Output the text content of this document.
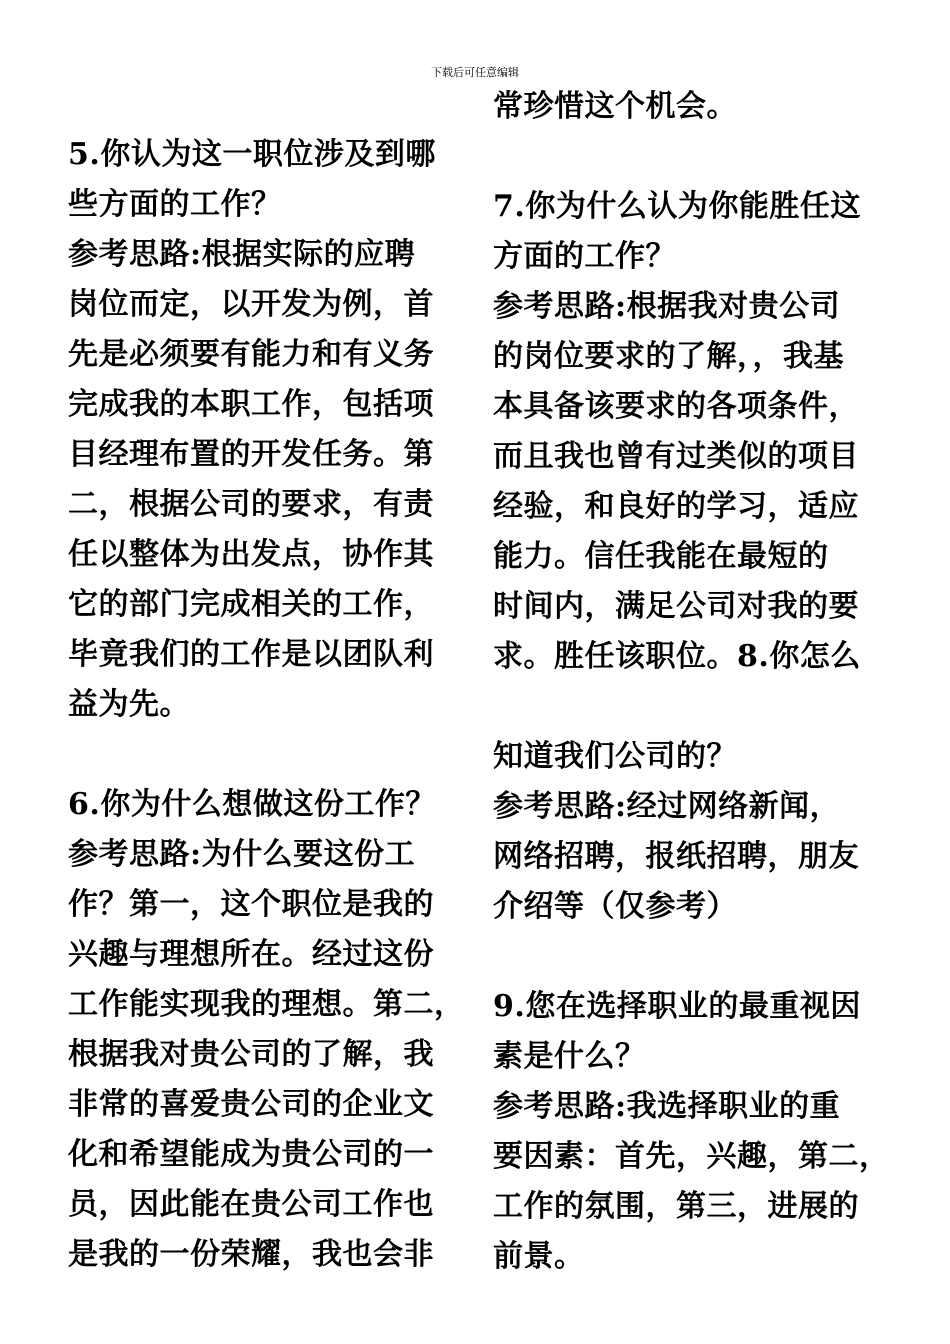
下载后可任意编辑
5.你认为这一职位涉及到哪
些方面的工作？
参考思路:根据实际的应聘
岗位而定，以开发为例，首
先是必须要有能力和有义务
完成我的本职工作，包括项
目经理布置的开发任务。第
二，根据公司的要求，有责
任以整体为出发点，协作其
它的部门完成相关的工作，
毕竟我们的工作是以团队利
益为先。
6.你为什么想做这份工作？
参考思路:为什么要这份工
作？第一，这个职位是我的
兴趣与理想所在。经过这份
工作能实现我的理想。第二，
根据我对贵公司的了解，我
非常的喜爱贵公司的企业文
化和希望能成为贵公司的一
员，因此能在贵公司工作也
是我的一份荣耀，我也会非
常珍惜这个机会。
7.你为什么认为你能胜任这
方面的工作？
参考思路:根据我对贵公司
的岗位要求的了解，，我基
本具备该要求的各项条件，
而且我也曾有过类似的项目
经验，和良好的学习，适应
能力。信任我能在最短的
时间内，满足公司对我的要
求。胜任该职位。8.你怎么
知道我们公司的？
参考思路:经过网络新闻，
网络招聘，报纸招聘，朋友
介绍等（仅参考）
9.您在选择职业的最重视因
素是什么？
参考思路:我选择职业的重
要因素：首先，兴趣，第二，
工作的氛围，第三，进展的
前景。
